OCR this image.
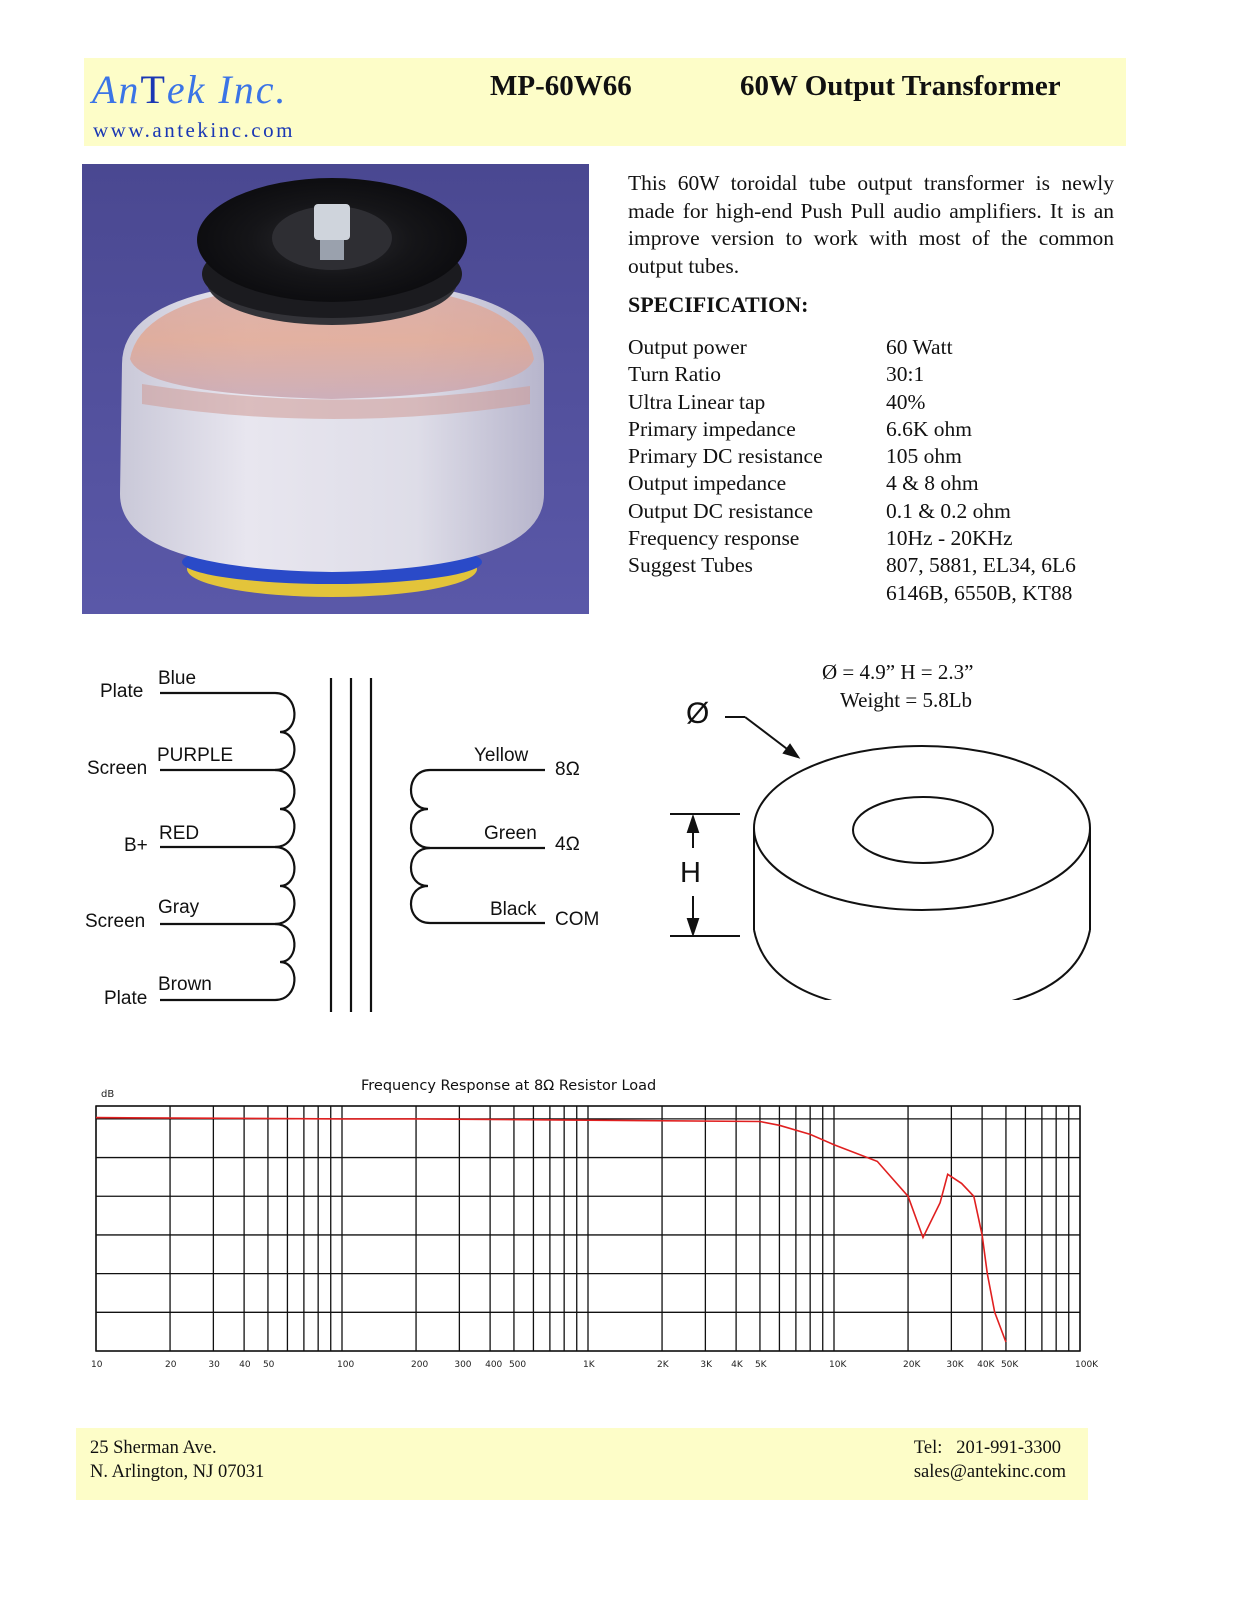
AnTek Inc.
www.antekinc.com
MP-60W66	60W Output Transformer
This 60W toroidal tube output transformer is newly made for high-end Push Pull audio amplifiers. It is an improve version to work with most of the common output tubes.
SPECIFICATION:
Output power	60 Watt
Turn Ratio	30:1
Ultra Linear tap	40%
Primary impedance	6.6K ohm
Primary DC resistance	105 ohm
Output impedance	4 & 8 ohm
Output DC resistance	0.1 & 0.2 ohm
Frequency response	10Hz - 20KHz
Suggest Tubes	807, 5881, EL34, 6L6
6146B, 6550B, KT88
Plate
Blue
Screen
PURPLE
B+
RED
Screen
Gray
Plate
Brown
Yellow
8Ω
Green
4Ω
Black COM
Ø = 4.9” H = 2.3”
Weight = 5.8Lb
Ø
H
Frequency Response at 8Ω Resistor Load
dB
10	20	30 40 50	100	200	300 400 500	1K	2K	3K 4K 5K	10K	20K	30K 40K 50K	100K
25 Sherman Ave.
N. Arlington, NJ 07031
Tel:   201-991-3300
sales@antekinc.com
